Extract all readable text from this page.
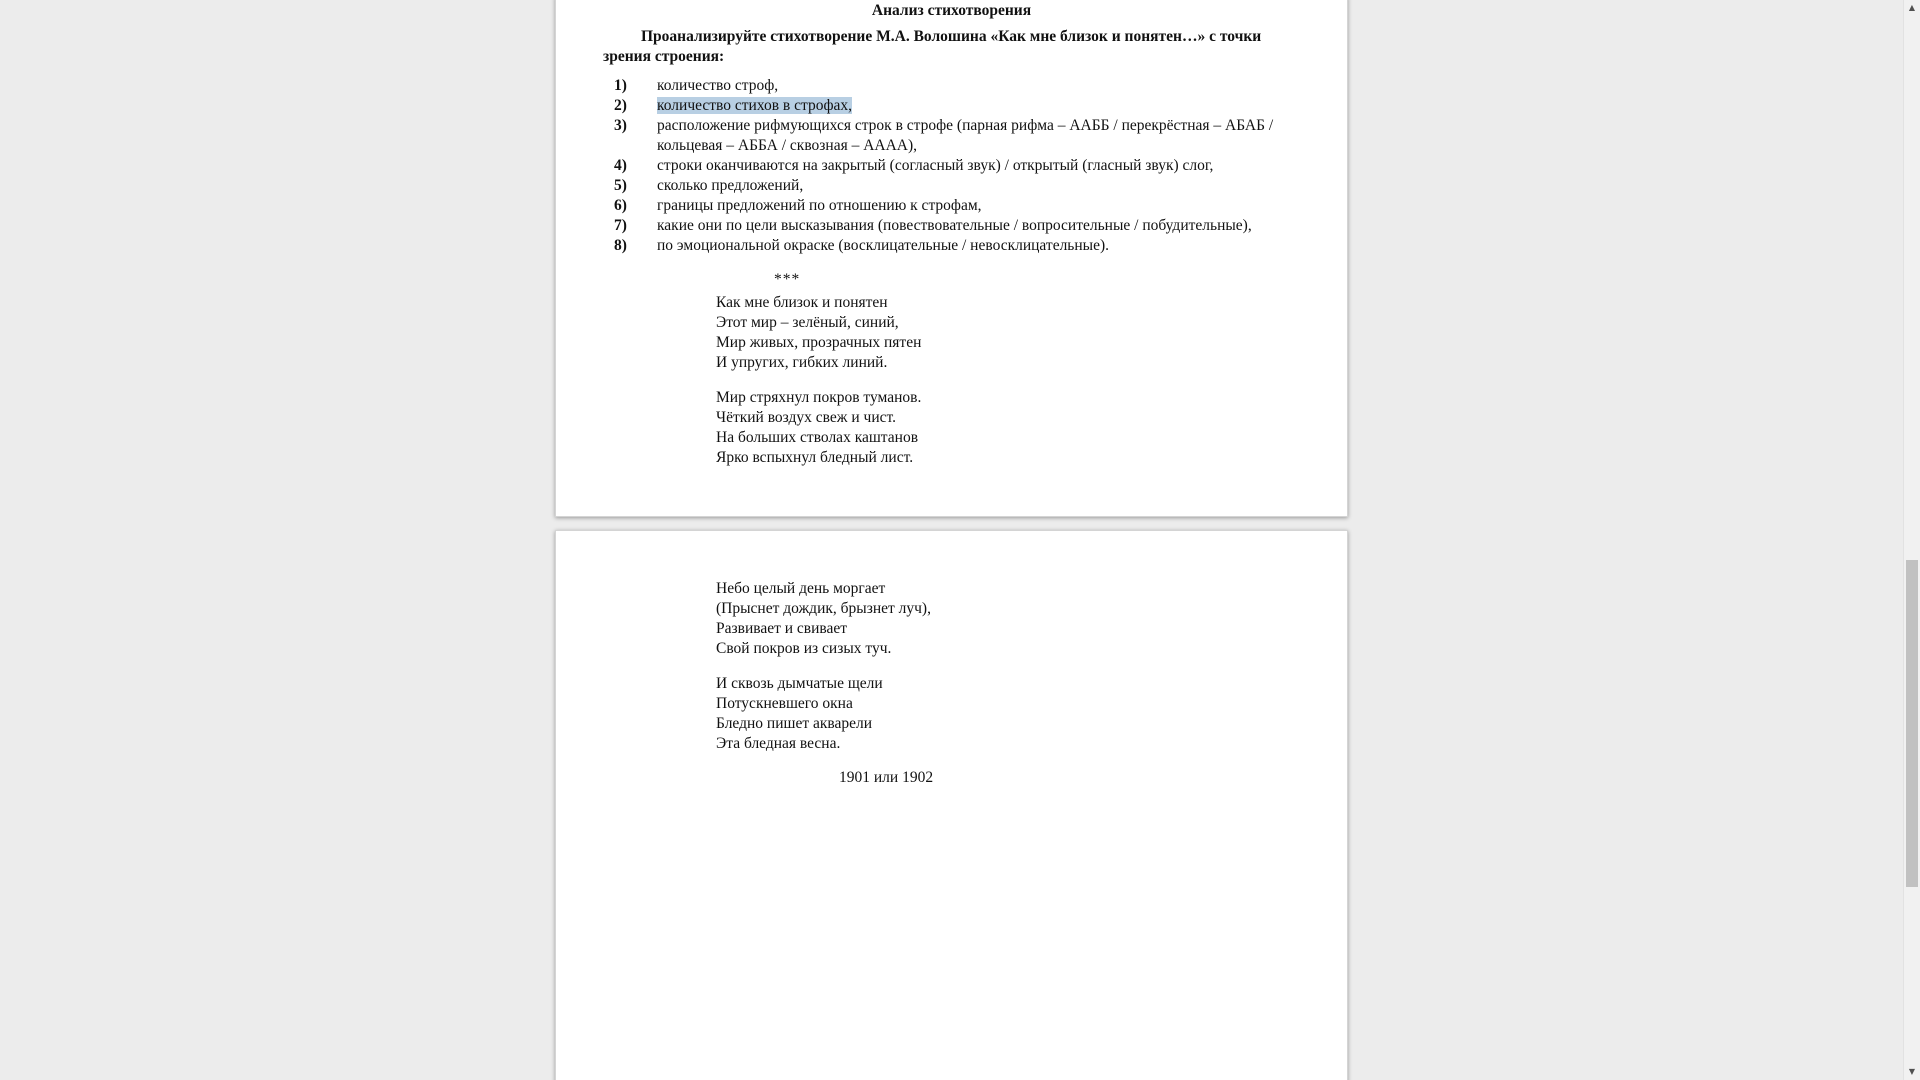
Анализ стихотворения
Проанализируйте стихотворение М.А. Волошина «Как мне близок и понятен…» с точки зрения строения:
1)	количество строф,
2)	количество стихов в строфах,
3)	расположение рифмующихся строк в строфе (парная рифма – ААББ / перекрёстная – АБАБ / кольцевая – АББА / сквозная – АААА),
4)	строки оканчиваются на закрытый (согласный звук) / открытый (гласный звук) слог,
5)	сколько предложений,
6)	границы предложений по отношению к строфам,
7)	какие они по цели высказывания (повествовательные / вопросительные / побудительные),
8)	по эмоциональной окраске (восклицательные / невосклицательные).
***
Как мне близок и понятен
Этот мир – зелёный, синий,
Мир живых, прозрачных пятен
И упругих, гибких линий.
Мир стряхнул покров туманов.
Чёткий воздух свеж и чист.
На больших стволах каштанов
Ярко вспыхнул бледный лист.
Небо целый день моргает
(Прыснет дождик, брызнет луч),
Развивает и свивает
Свой покров из сизых туч.
И сквозь дымчатые щели
Потускневшего окна
Бледно пишет акварели
Эта бледная весна.
1901 или 1902
▲
▼
